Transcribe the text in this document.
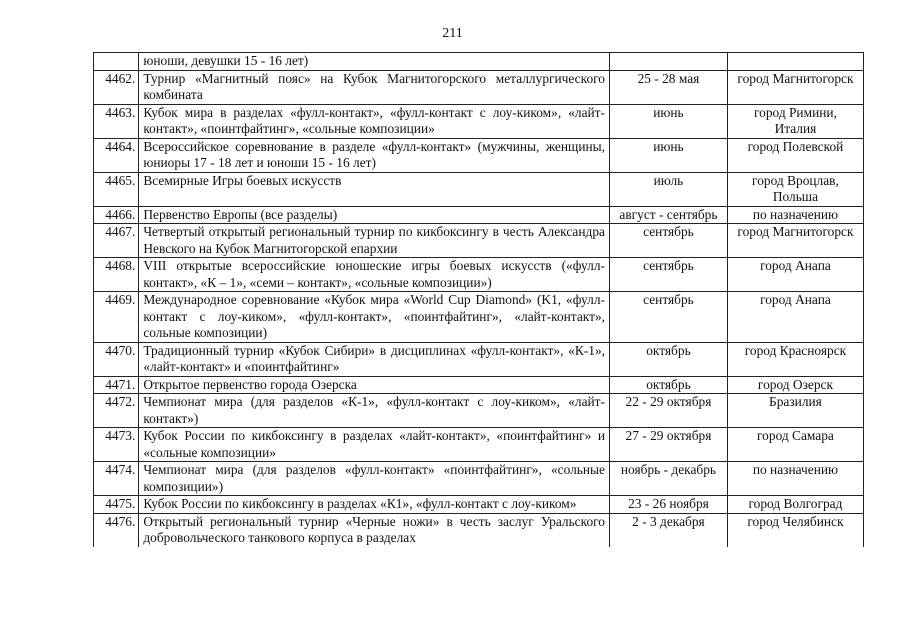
211
	юноши, девушки 15 - 16 лет)		
4462.	Турнир «Магнитный пояс» на Кубок Магнитогорского металлургического комбината	25 - 28 мая	город Магнитогорск
4463.	Кубок мира в разделах «фулл-контакт», «фулл-контакт с лоу-киком», «лайт-контакт», «поинтфайтинг», «сольные композиции»	июнь	город Римини, Италия
4464.	Всероссийское соревнование в разделе «фулл-контакт» (мужчины, женщины, юниоры 17 - 18 лет и юноши 15 - 16 лет)	июнь	город Полевской
4465.	Всемирные Игры боевых искусств	июль	город Вроцлав, Польша
4466.	Первенство Европы (все разделы)	август - сентябрь	по назначению
4467.	Четвертый открытый региональный турнир по кикбоксингу в честь Александра Невского на Кубок Магнитогорской епархии	сентябрь	город Магнитогорск
4468.	VIII открытые всероссийские юношеские игры боевых искусств («фулл-контакт», «К – 1», «семи – контакт», «сольные композиции»)	сентябрь	город Анапа
4469.	Международное соревнование «Кубок мира «World Cup Diamond» (K1, «фулл-контакт с лоу-киком», «фулл-контакт», «поинтфайтинг», «лайт-контакт», сольные композиции)	сентябрь	город Анапа
4470.	Традиционный турнир «Кубок Сибири» в дисциплинах «фулл-контакт», «К-1», «лайт-контакт» и «поинтфайтинг»	октябрь	город Красноярск
4471.	Открытое первенство города Озерска	октябрь	город Озерск
4472.	Чемпионат мира (для разделов «К-1», «фулл-контакт с лоу-киком», «лайт-контакт»)	22 - 29 октября	Бразилия
4473.	Кубок России по кикбоксингу в разделах «лайт-контакт», «поинтфайтинг» и «сольные композиции»	27 - 29 октября	город Самара
4474.	Чемпионат мира (для разделов «фулл-контакт» «поинтфайтинг», «сольные композиции»)	ноябрь - декабрь	по назначению
4475.	Кубок России по кикбоксингу в разделах «К1», «фулл-контакт с лоу-киком»	23 - 26 ноября	город Волгоград
4476.	Открытый региональный турнир «Черные ножи» в честь заслуг Уральского добровольческого танкового корпуса в разделах	2 - 3 декабря	город Челябинск
